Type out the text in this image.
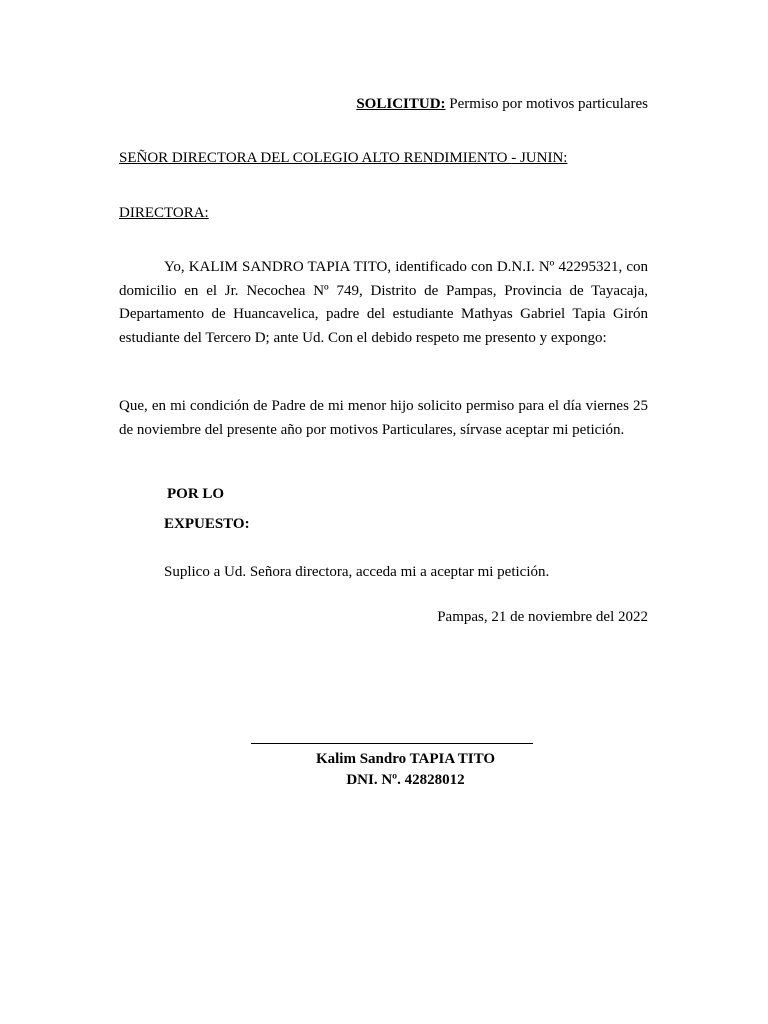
SOLICITUD: Permiso por motivos particulares
SEÑOR DIRECTORA DEL COLEGIO ALTO RENDIMIENTO - JUNIN:
DIRECTORA:
Yo, KALIM SANDRO TAPIA TITO, identificado con D.N.I. Nº 42295321, con domicilio en el Jr. Necochea Nº 749, Distrito de Pampas, Provincia de Tayacaja, Departamento de Huancavelica, padre del estudiante Mathyas Gabriel Tapia Girón estudiante del Tercero D; ante Ud. Con el debido respeto me presento y expongo:
Que, en mi condición de Padre de mi menor hijo solicito permiso para el día viernes 25 de noviembre del presente año por motivos Particulares, sírvase aceptar mi petición.
POR LO
EXPUESTO:
Suplico a Ud. Señora directora, acceda mi a aceptar mi petición.
Pampas, 21 de noviembre del 2022
Kalim Sandro TAPIA TITO
DNI. Nº. 42828012
